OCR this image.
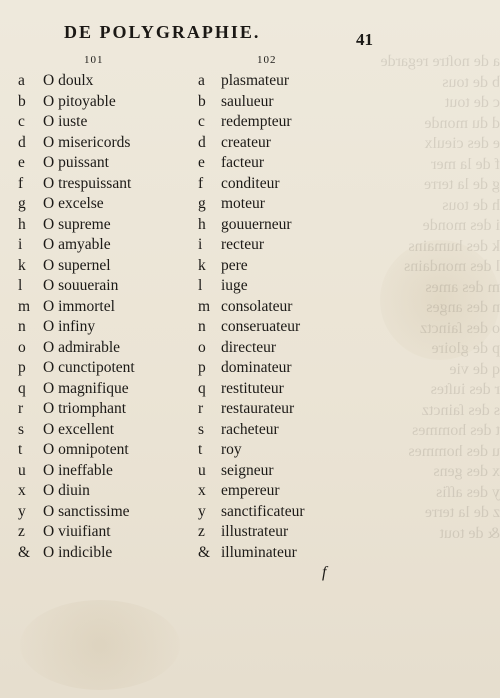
a de noſtre regarde
b de tous
c de tout
d du monde
e des cieulx
f de la mer
g de la terre
h de tous
i des monde
k des humains
l des mondains
m des ames
n des anges
o des ſainctz
p de gloire
q de vie
r des iuſtes
s des ſainctz
t des hommes
u des hommes
x des gens
y des aſſis
z de la terre
& de tout
DE POLYGRAPHIE.	41
101	102
a	O doulx
b	O pitoyable
c	O iuste
d	O misericords
e	O puissant
f	O trespuissant
g	O excelse
h	O supreme
i	O amyable
k	O supernel
l	O souuerain
m O immortel
n	O infiny
o	O admirable
p	O cunctipotent
q	O magnifique
r	O triomphant
s	O excellent
t	O omnipotent
u	O ineffable
x	O diuin
y	O sanctissime
z	O viuifiant
& O indicible
a	plasmateur
b saulueur
c	redempteur
d createur
e	facteur
f	conditeur
g moteur
h gouuerneur
i	recteur
k pere
l	iuge
m consolateur
n conseruateur
o directeur
p dominateur
q restituteur
r	restaurateur
s	racheteur
t	roy
u seigneur
x empereur
y sanctificateur
z	illustrateur
& illuminateur
f
